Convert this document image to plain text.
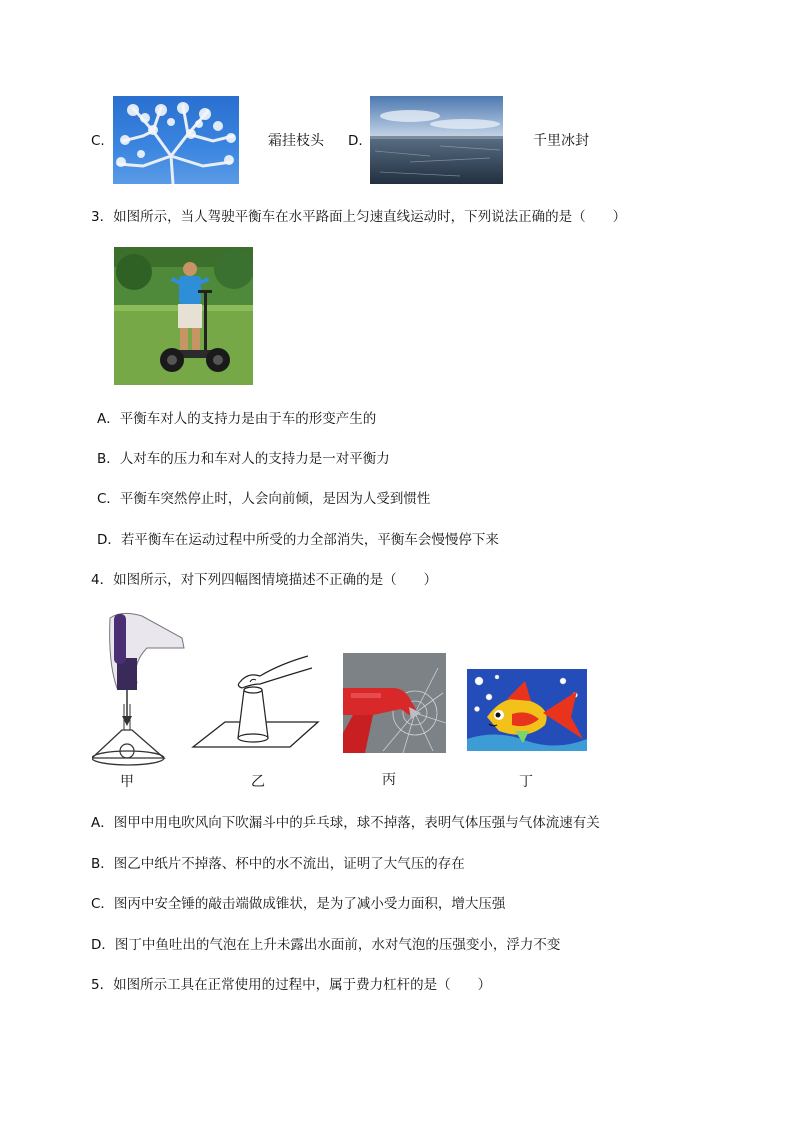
C.	霜挂枝头 D.	千里冰封
3．如图所示，当人驾驶平衡车在水平路面上匀速直线运动时，下列说法正确的是（　　）
A．平衡车对人的支持力是由于车的形变产生的
B．人对车的压力和车对人的支持力是一对平衡力
C．平衡车突然停止时，人会向前倾，是因为人受到惯性
D．若平衡车在运动过程中所受的力全部消失，平衡车会慢慢停下来
4．如图所示，对下列四幅图情境描述不正确的是（　　）
甲	乙	丙	丁
A．图甲中用电吹风向下吹漏斗中的乒乓球，球不掉落，表明气体压强与气体流速有关
B．图乙中纸片不掉落、杯中的水不流出，证明了大气压的存在
C．图丙中安全锤的敲击端做成锥状，是为了减小受力面积，增大压强
D．图丁中鱼吐出的气泡在上升未露出水面前，水对气泡的压强变小，浮力不变
5．如图所示工具在正常使用的过程中，属于费力杠杆的是（　　）
